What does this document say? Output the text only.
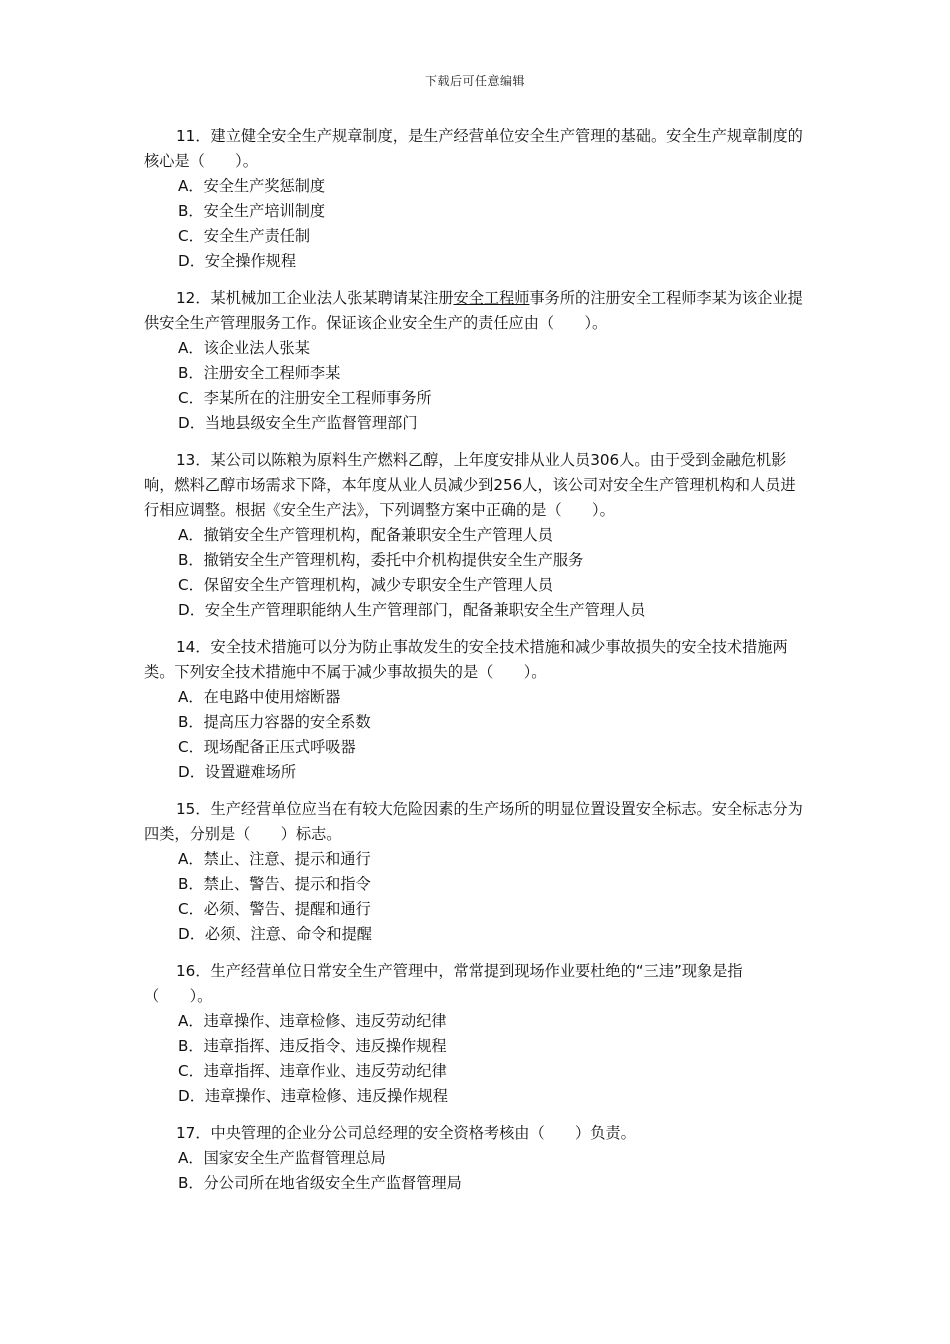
下载后可任意编辑

11．建立健全安全生产规章制度，是生产经营单位安全生产管理的基础。安全生产规章制度的核心是（　　）。

A．安全生产奖惩制度

B．安全生产培训制度

C．安全生产责任制

D．安全操作规程

12．某机械加工企业法人张某聘请某注册安全工程师事务所的注册安全工程师李某为该企业提供安全生产管理服务工作。保证该企业安全生产的责任应由（　　）。

A．该企业法人张某

B．注册安全工程师李某

C．李某所在的注册安全工程师事务所

D．当地县级安全生产监督管理部门

13．某公司以陈粮为原料生产燃料乙醇，上年度安排从业人员306人。由于受到金融危机影响，燃料乙醇市场需求下降，本年度从业人员减少到256人，该公司对安全生产管理机构和人员进行相应调整。根据《安全生产法》，下列调整方案中正确的是（　　）。

A．撤销安全生产管理机构，配备兼职安全生产管理人员

B．撤销安全生产管理机构，委托中介机构提供安全生产服务

C．保留安全生产管理机构，减少专职安全生产管理人员

D．安全生产管理职能纳人生产管理部门，配备兼职安全生产管理人员

14．安全技术措施可以分为防止事故发生的安全技术措施和减少事故损失的安全技术措施两类。下列安全技术措施中不属于减少事故损失的是（　　）。

A．在电路中使用熔断器

B．提高压力容器的安全系数

C．现场配备正压式呼吸器

D．设置避难场所

15．生产经营单位应当在有较大危险因素的生产场所的明显位置设置安全标志。安全标志分为四类，分别是（　　）标志。

A．禁止、注意、提示和通行

B．禁止、警告、提示和指令

C．必须、警告、提醒和通行

D．必须、注意、命令和提醒

16．生产经营单位日常安全生产管理中，常常提到现场作业要杜绝的“三违”现象是指（　　）。

A．违章操作、违章检修、违反劳动纪律

B．违章指挥、违反指令、违反操作规程

C．违章指挥、违章作业、违反劳动纪律

D．违章操作、违章检修、违反操作规程

17．中央管理的企业分公司总经理的安全资格考核由（　　）负责。

A．国家安全生产监督管理总局

B．分公司所在地省级安全生产监督管理局
